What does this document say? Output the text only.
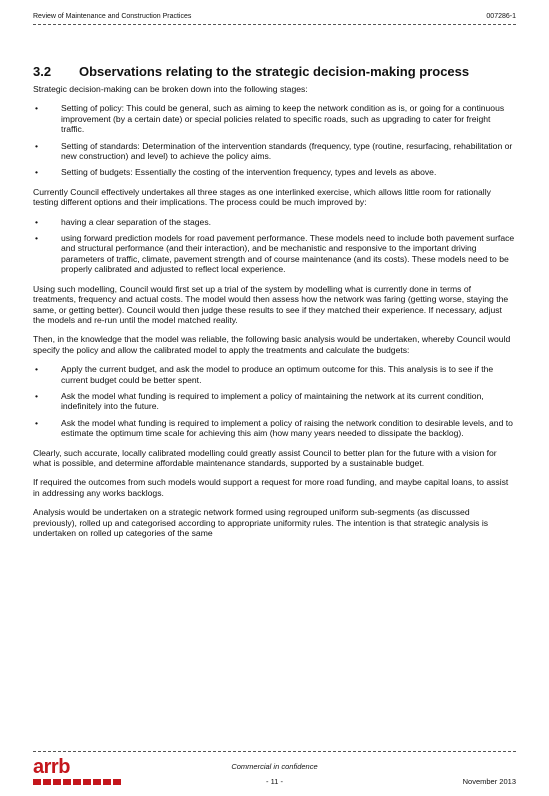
Review of Maintenance and Construction Practices	007286-1
3.2 Observations relating to the strategic decision-making process

Strategic decision-making can be broken down into the following stages:

•	Setting of policy: This could be general, such as aiming to keep the network condition as is, or going for a continuous improvement (by a certain date) or special policies related to specific roads, such as upgrading to cater for freight traffic.
•	Setting of standards: Determination of the intervention standards (frequency, type (routine, resurfacing, rehabilitation or new construction) and level) to achieve the policy aims.
•	Setting of budgets: Essentially the costing of the intervention frequency, types and levels as above.

Currently Council effectively undertakes all three stages as one interlinked exercise, which allows little room for rationally testing different options and their implications. The process could be much improved by:

•	having a clear separation of the stages.
•	using forward prediction models for road pavement performance. These models need to include both pavement surface and structural performance (and their interaction), and be mechanistic and responsive to the important driving parameters of traffic, climate, pavement strength and of course maintenance (and its costs). These models need to be properly calibrated and adjusted to reflect local experience.

Using such modelling, Council would first set up a trial of the system by modelling what is currently done in terms of treatments, frequency and actual costs. The model would then assess how the network was faring (getting worse, staying the same, or getting better). Council would then judge these results to see if they matched their experience. If necessary, adjust the models and re-run until the model matched reality.

Then, in the knowledge that the model was reliable, the following basic analysis would be undertaken, whereby Council would specify the policy and allow the calibrated model to apply the treatments and calculate the budgets:

•	Apply the current budget, and ask the model to produce an optimum outcome for this. This analysis is to see if the current budget could be better spent.
•	Ask the model what funding is required to implement a policy of maintaining the network at its current condition, indefinitely into the future.
•	Ask the model what funding is required to implement a policy of raising the network condition to desirable levels, and to estimate the optimum time scale for achieving this aim (how many years needed to dissipate the backlog).

Clearly, such accurate, locally calibrated modelling could greatly assist Council to better plan for the future with a vision for what is possible, and determine affordable maintenance standards, supported by a sustainable budget.

If required the outcomes from such models would support a request for more road funding, and maybe capital loans, to assist in addressing any works backlogs.

Analysis would be undertaken on a strategic network formed using regrouped uniform sub-segments (as discussed previously), rolled up and categorised according to appropriate uniformity rules. The intention is that strategic analysis is undertaken on rolled up categories of the same

arrb	Commercial in confidence
- 11 -	November 2013
